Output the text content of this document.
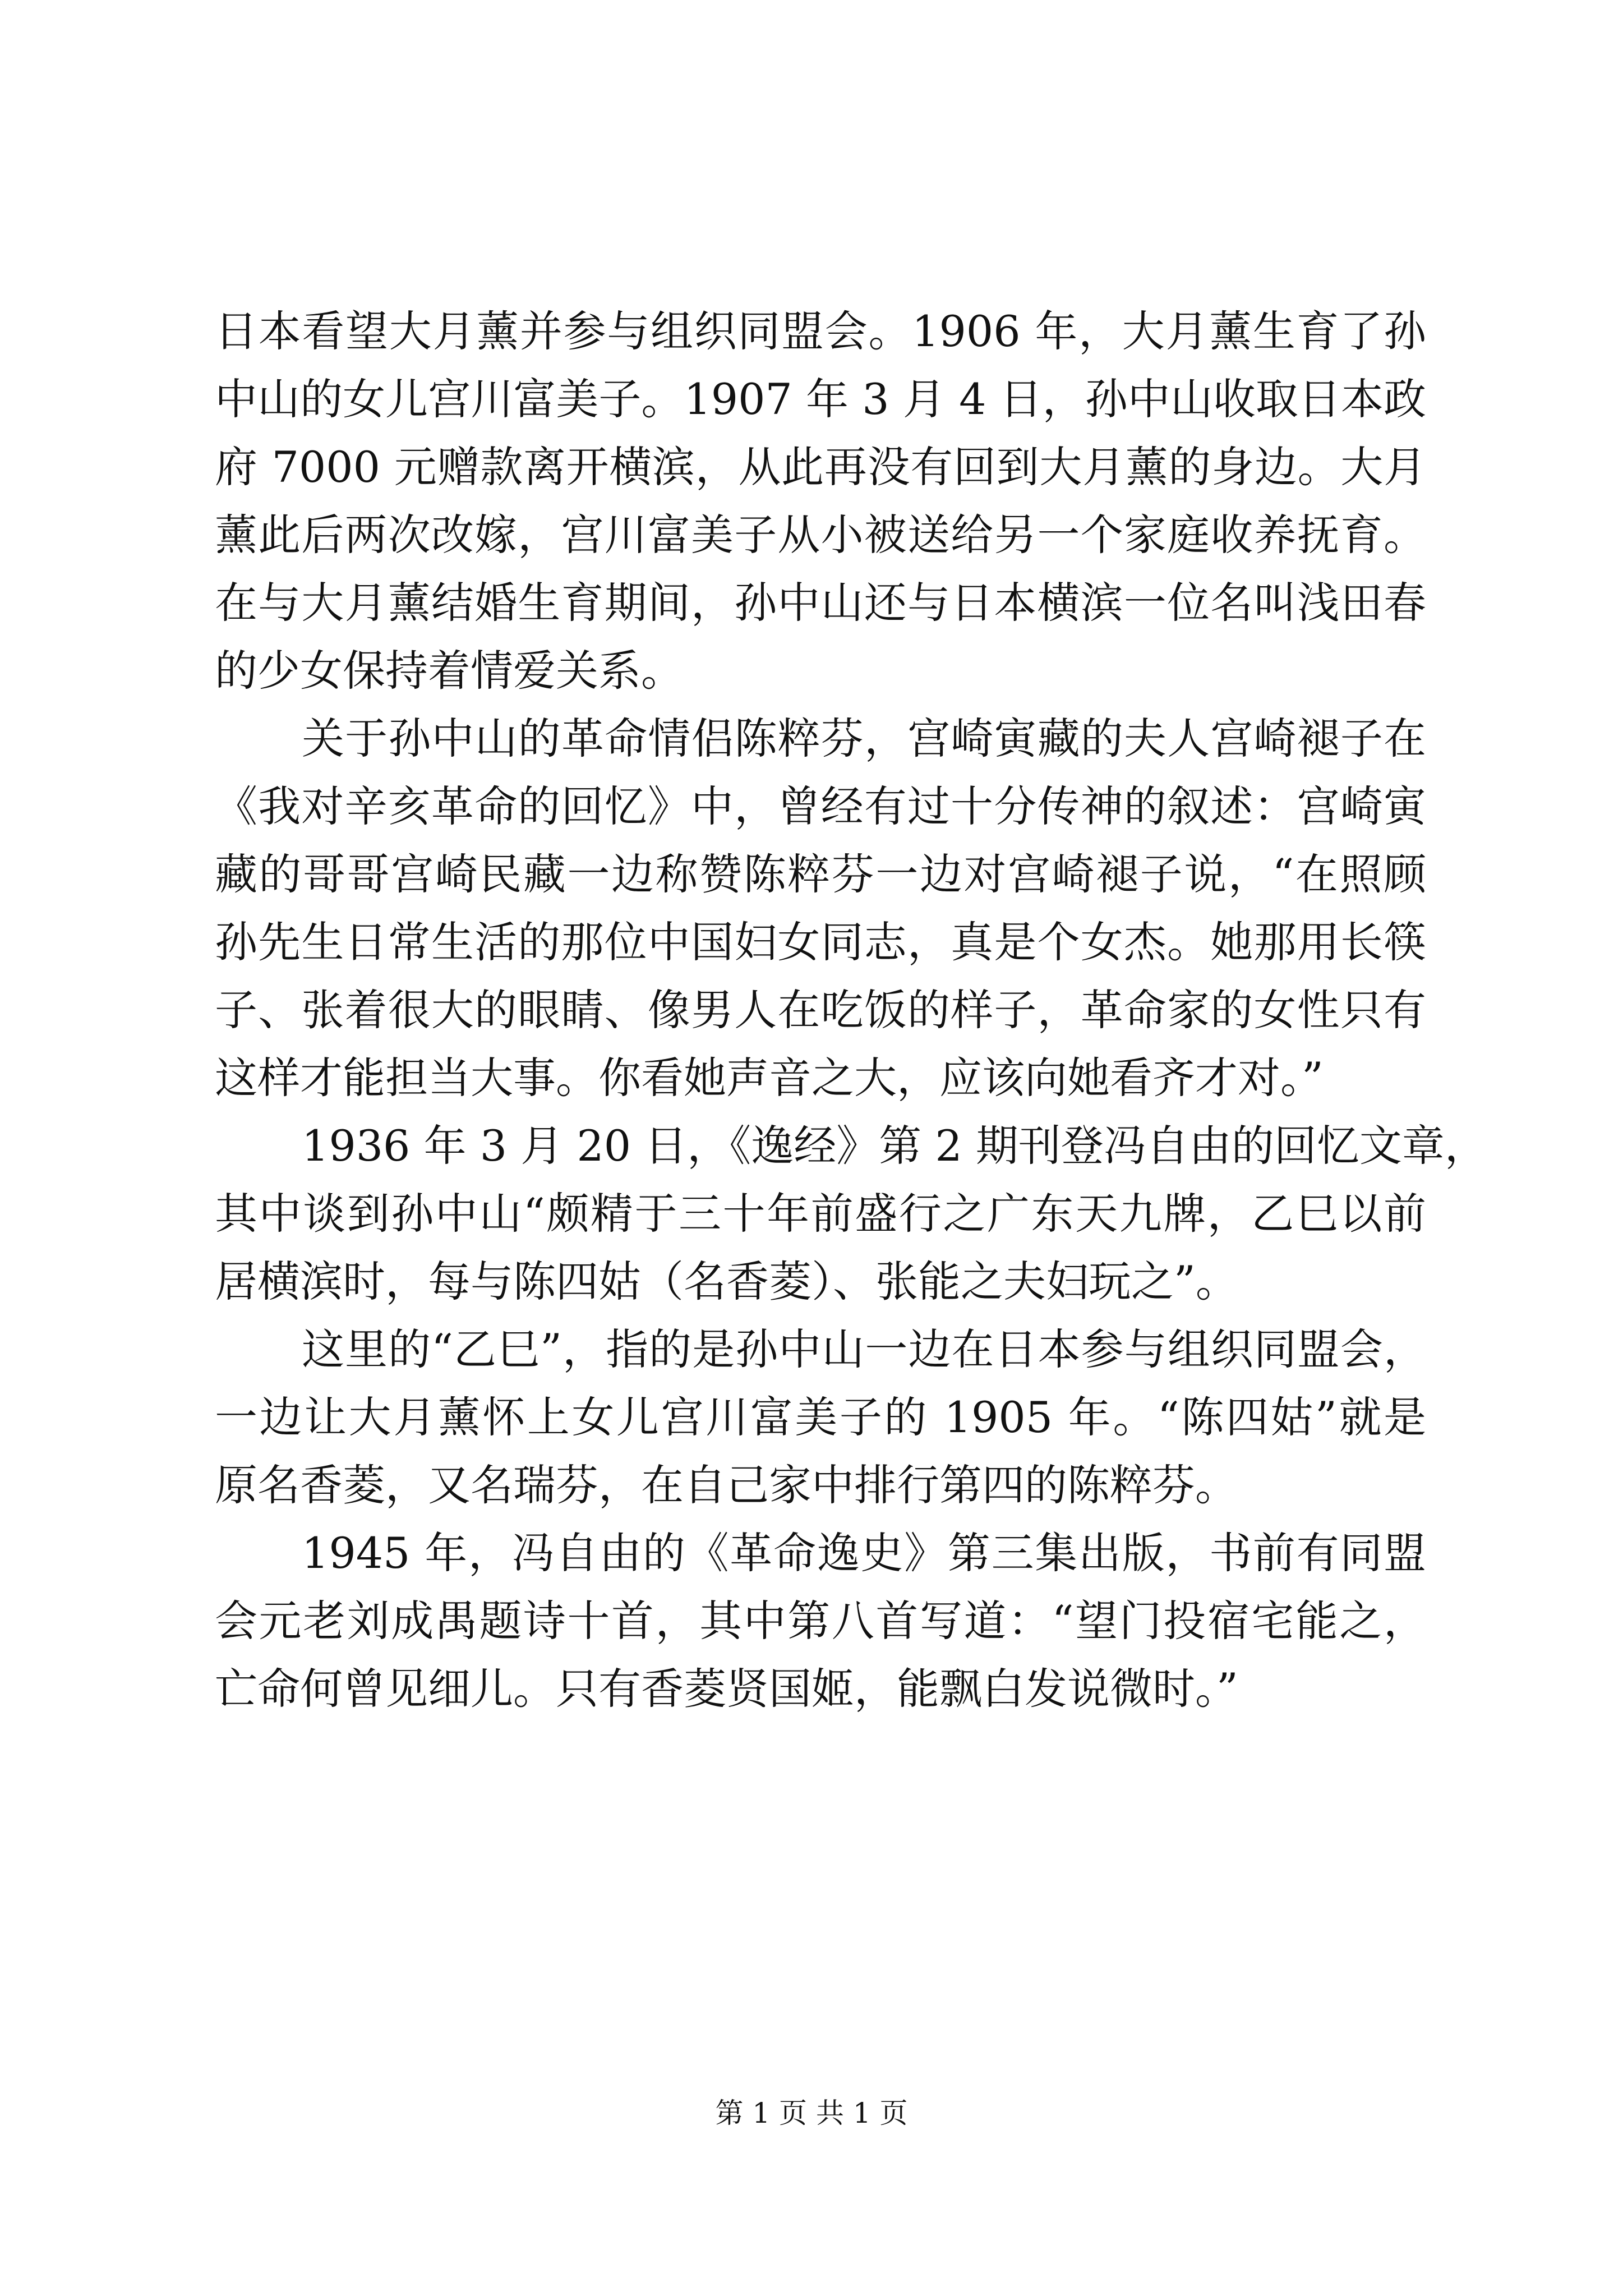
日本看望大月薰并参与组织同盟会。1906 年，大月薰生育了孙
中山的女儿宫川富美子。1907 年 3 月 4 日，孙中山收取日本政
府 7000 元赠款离开横滨，从此再没有回到大月薰的身边。大月
薰此后两次改嫁，宫川富美子从小被送给另一个家庭收养抚育。
在与大月薰结婚生育期间，孙中山还与日本横滨一位名叫浅田春
的少女保持着情爱关系。
关于孙中山的革命情侣陈粹芬，宫崎寅藏的夫人宫崎褪子在
《我对辛亥革命的回忆》中，曾经有过十分传神的叙述：宫崎寅
藏的哥哥宫崎民藏一边称赞陈粹芬一边对宫崎褪子说，“在照顾
孙先生日常生活的那位中国妇女同志，真是个女杰。她那用长筷
子、张着很大的眼睛、像男人在吃饭的样子，革命家的女性只有
这样才能担当大事。你看她声音之大，应该向她看齐才对。”
1936 年 3 月 20 日，《逸经》第 2 期刊登冯自由的回忆文章，
其中谈到孙中山“颇精于三十年前盛行之广东天九牌，乙巳以前
居横滨时，每与陈四姑（名香菱）、张能之夫妇玩之”。
这里的“乙巳”，指的是孙中山一边在日本参与组织同盟会，
一边让大月薰怀上女儿宫川富美子的 1905 年。“陈四姑”就是
原名香菱，又名瑞芬，在自己家中排行第四的陈粹芬。
1945 年，冯自由的《革命逸史》第三集出版，书前有同盟
会元老刘成禺题诗十首，其中第八首写道：“望门投宿宅能之，
亡命何曾见细儿。只有香菱贤国姬，能飘白发说微时。”
第 1 页 共 1 页
